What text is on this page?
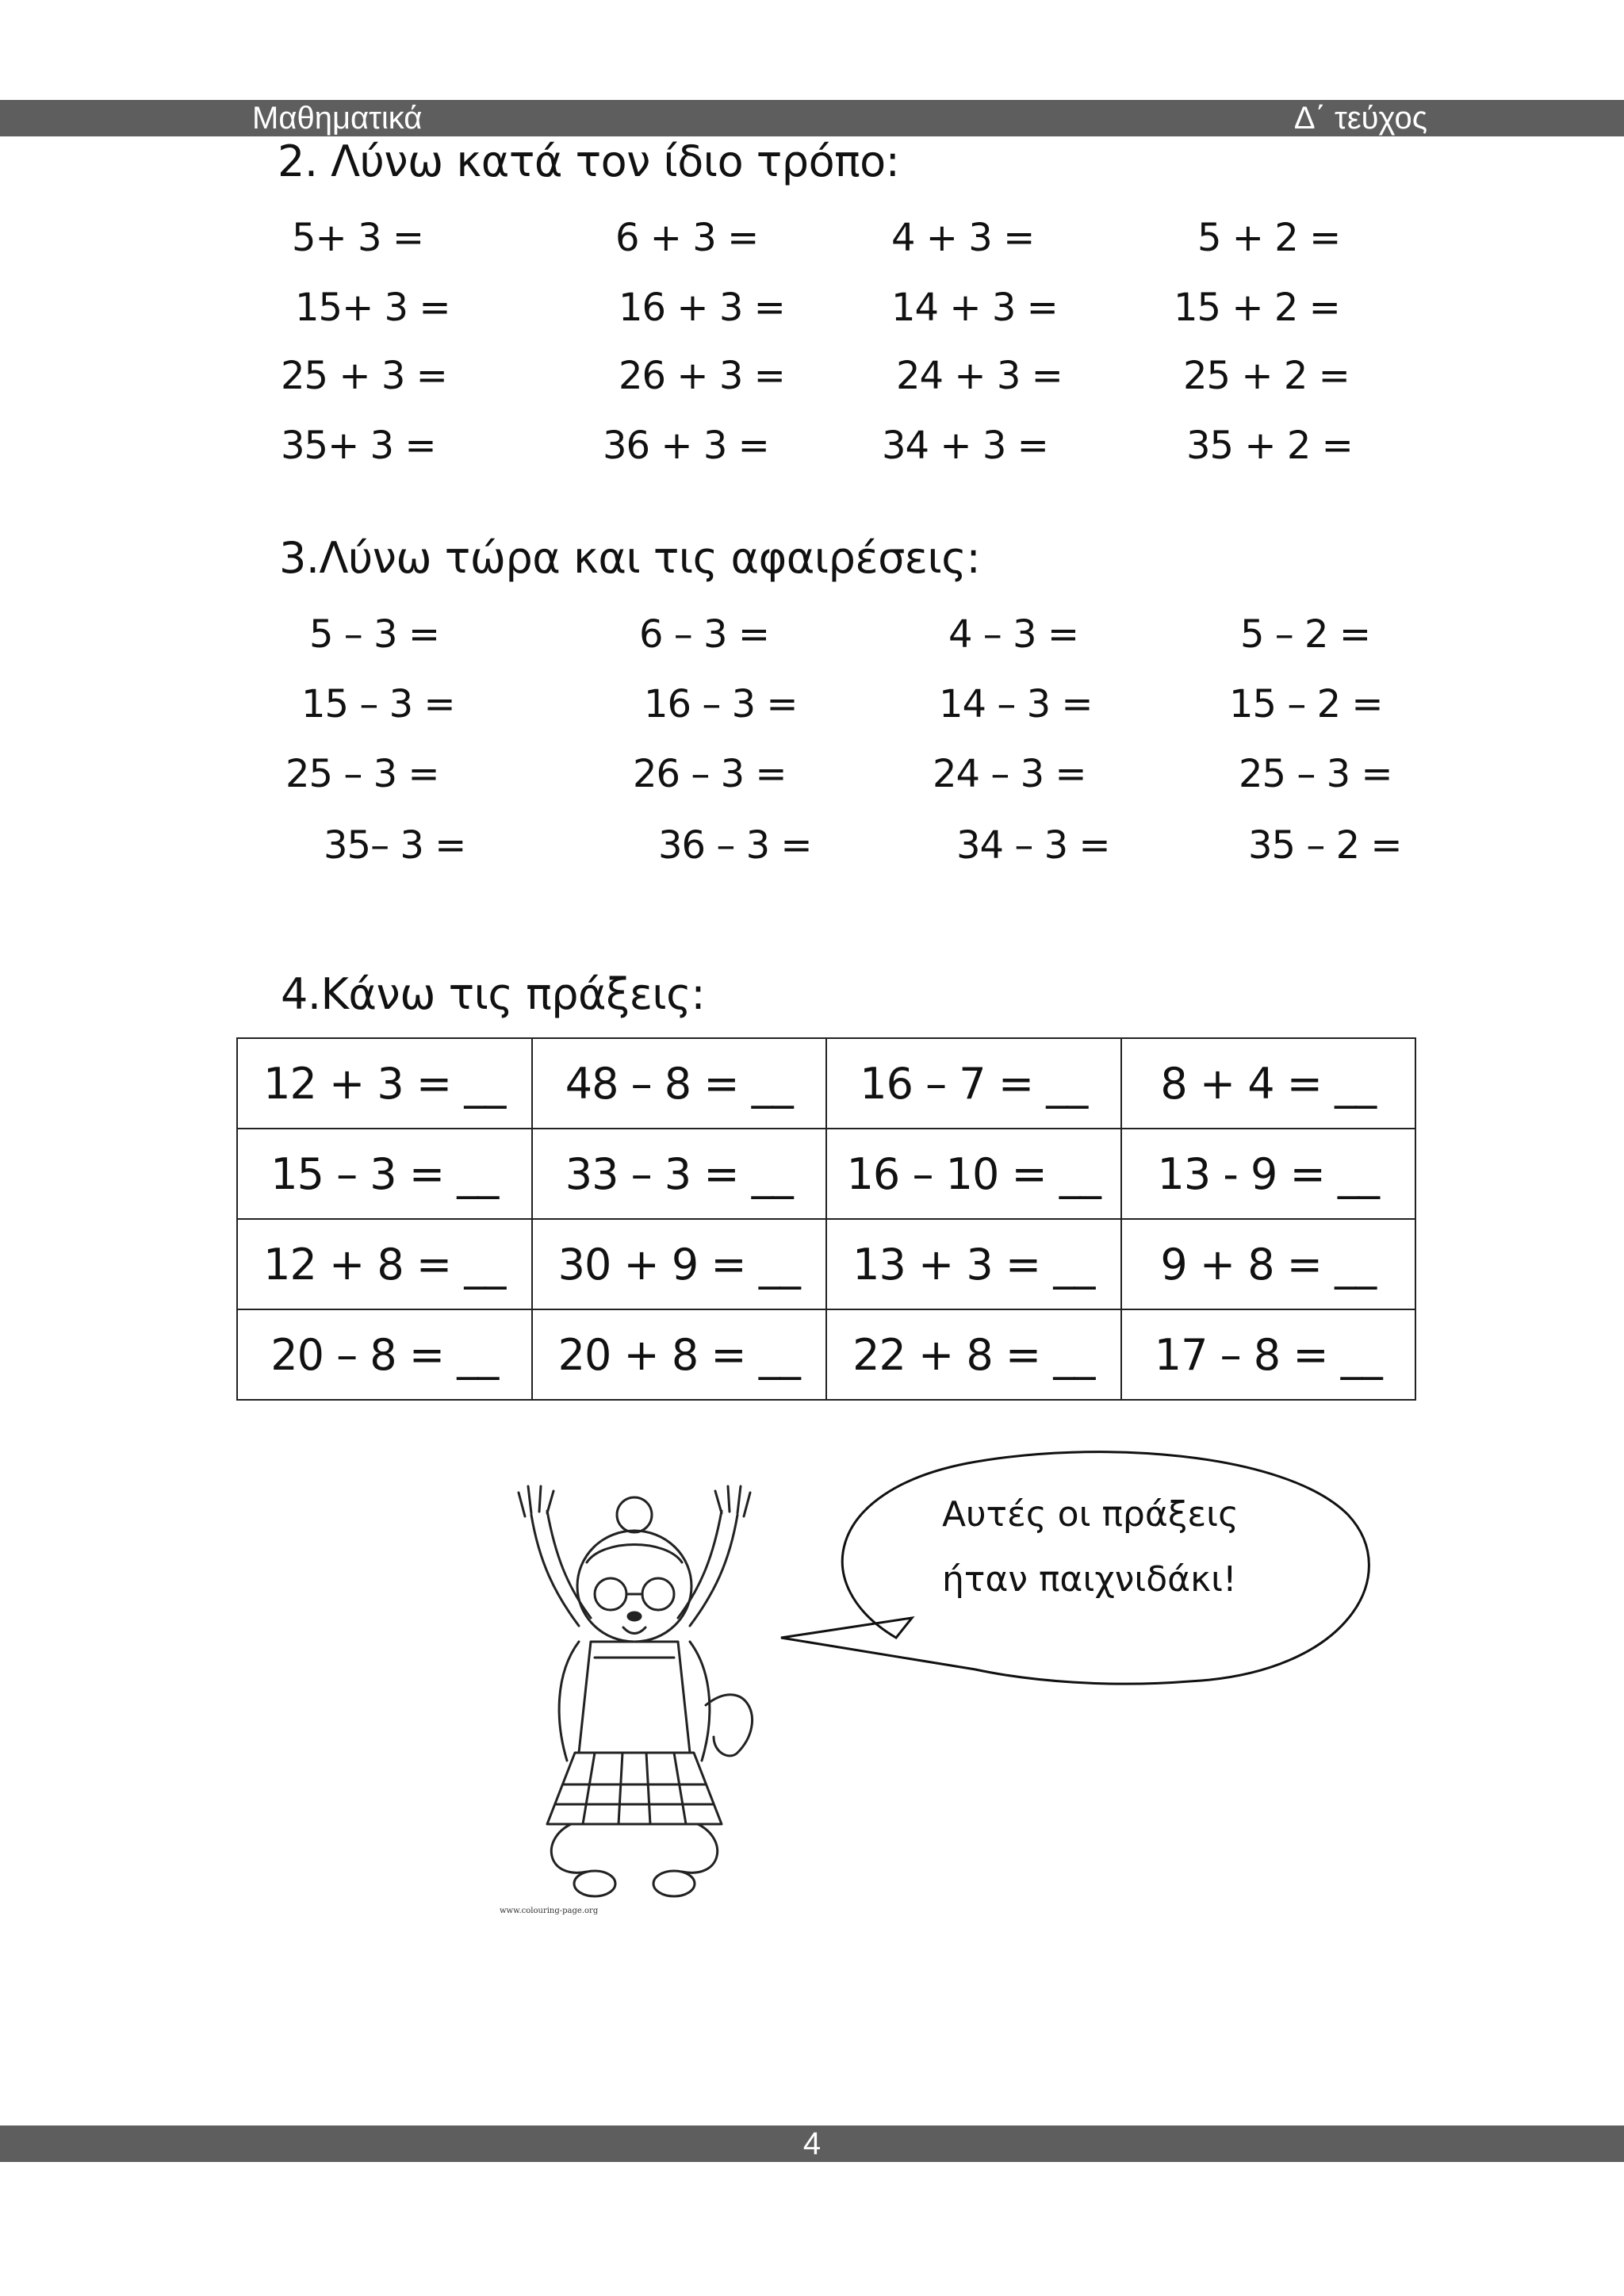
Μαθηματικά	Δ΄ τεύχος
2. Λύνω κατά τον ίδιο τρόπο:
5+ 3 =	6 + 3 =	4 + 3 =	5 + 2 =
15+ 3 =	16 + 3 =	14 + 3 =	15 + 2 =
25 + 3 =	26 + 3 =	24 + 3 =	25 + 2 =
35+ 3 =	36 + 3 =	34 + 3 =	35 + 2 =
3.Λύνω τώρα και τις αφαιρέσεις:
5 – 3 =	6 – 3 =	4 – 3 =	5 – 2 =
15 – 3 =	16 – 3 =	14 – 3 =	15 – 2 =
25 – 3 =	26 – 3 =	24 – 3 =	25 – 3 =
35– 3 =	36 – 3 =	34 – 3 =	35 – 2 =
4.Κάνω τις πράξεις:
12 + 3 = __	48 – 8 = __	16 – 7 = __	8 + 4 = __
15 – 3 = __	33 – 3 = __	16 – 10 = __	13 - 9 = __
12 + 8 = __	30 + 9 = __	13 + 3 = __	9 + 8 = __
20 – 8 = __	20 + 8 = __	22 + 8 = __	17 – 8 = __
www.colouring-page.org
Αυτές οι πράξεις
ήταν παιχνιδάκι!
4
